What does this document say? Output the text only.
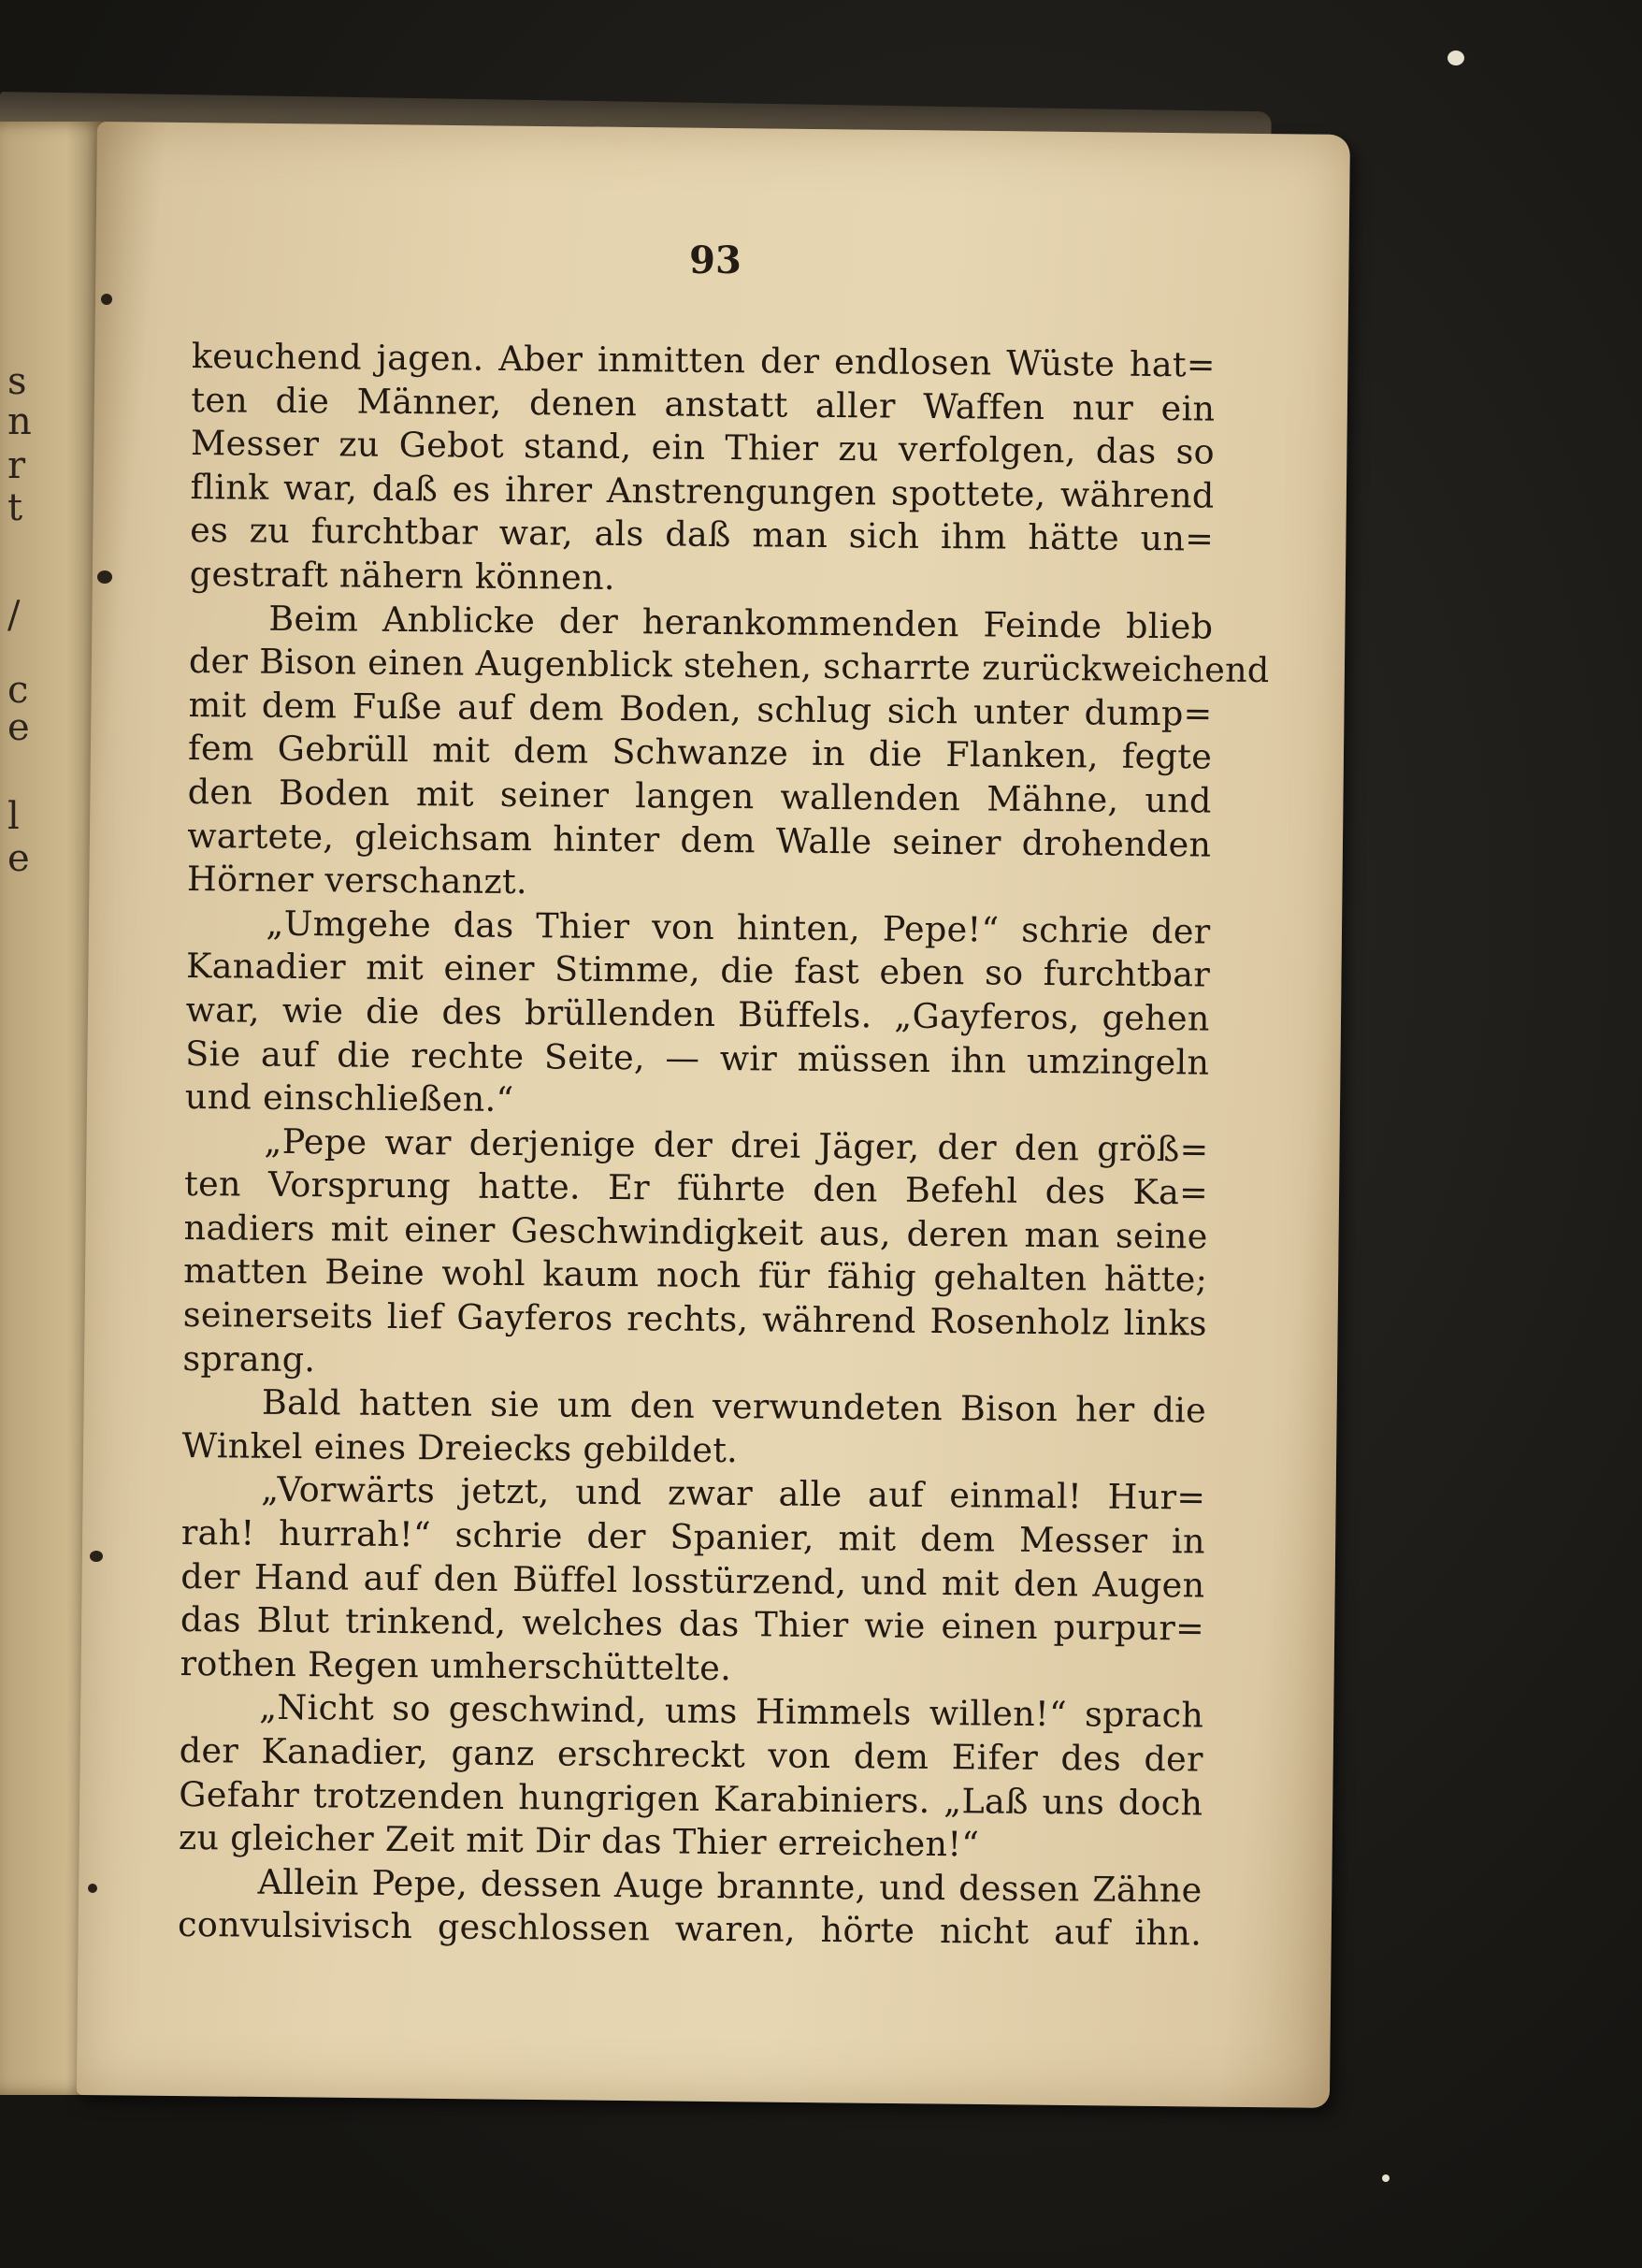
s
n
r
t
/
c
e
l
e
93
keuchend jagen. Aber inmitten der endlosen Wüste hat=
ten die Männer, denen anstatt aller Waffen nur ein
Messer zu Gebot stand, ein Thier zu verfolgen, das so
flink war, daß es ihrer Anstrengungen spottete, während
es zu furchtbar war, als daß man sich ihm hätte un=
gestraft nähern können.
Beim Anblicke der herankommenden Feinde blieb
der Bison einen Augenblick stehen, scharrte zurückweichend
mit dem Fuße auf dem Boden, schlug sich unter dump=
fem Gebrüll mit dem Schwanze in die Flanken, fegte
den Boden mit seiner langen wallenden Mähne, und
wartete, gleichsam hinter dem Walle seiner drohenden
Hörner verschanzt.
„Umgehe das Thier von hinten, Pepe!“ schrie der
Kanadier mit einer Stimme, die fast eben so furchtbar
war, wie die des brüllenden Büffels. „Gayferos, gehen
Sie auf die rechte Seite, — wir müssen ihn umzingeln
und einschließen.“
„Pepe war derjenige der drei Jäger, der den größ=
ten Vorsprung hatte. Er führte den Befehl des Ka=
nadiers mit einer Geschwindigkeit aus, deren man seine
matten Beine wohl kaum noch für fähig gehalten hätte;
seinerseits lief Gayferos rechts, während Rosenholz links
sprang.
Bald hatten sie um den verwundeten Bison her die
Winkel eines Dreiecks gebildet.
„Vorwärts jetzt, und zwar alle auf einmal! Hur=
rah! hurrah!“ schrie der Spanier, mit dem Messer in
der Hand auf den Büffel losstürzend, und mit den Augen
das Blut trinkend, welches das Thier wie einen purpur=
rothen Regen umherschüttelte.
„Nicht so geschwind, ums Himmels willen!“ sprach
der Kanadier, ganz erschreckt von dem Eifer des der
Gefahr trotzenden hungrigen Karabiniers. „Laß uns doch
zu gleicher Zeit mit Dir das Thier erreichen!“
Allein Pepe, dessen Auge brannte, und dessen Zähne
convulsivisch geschlossen waren, hörte nicht auf ihn.
